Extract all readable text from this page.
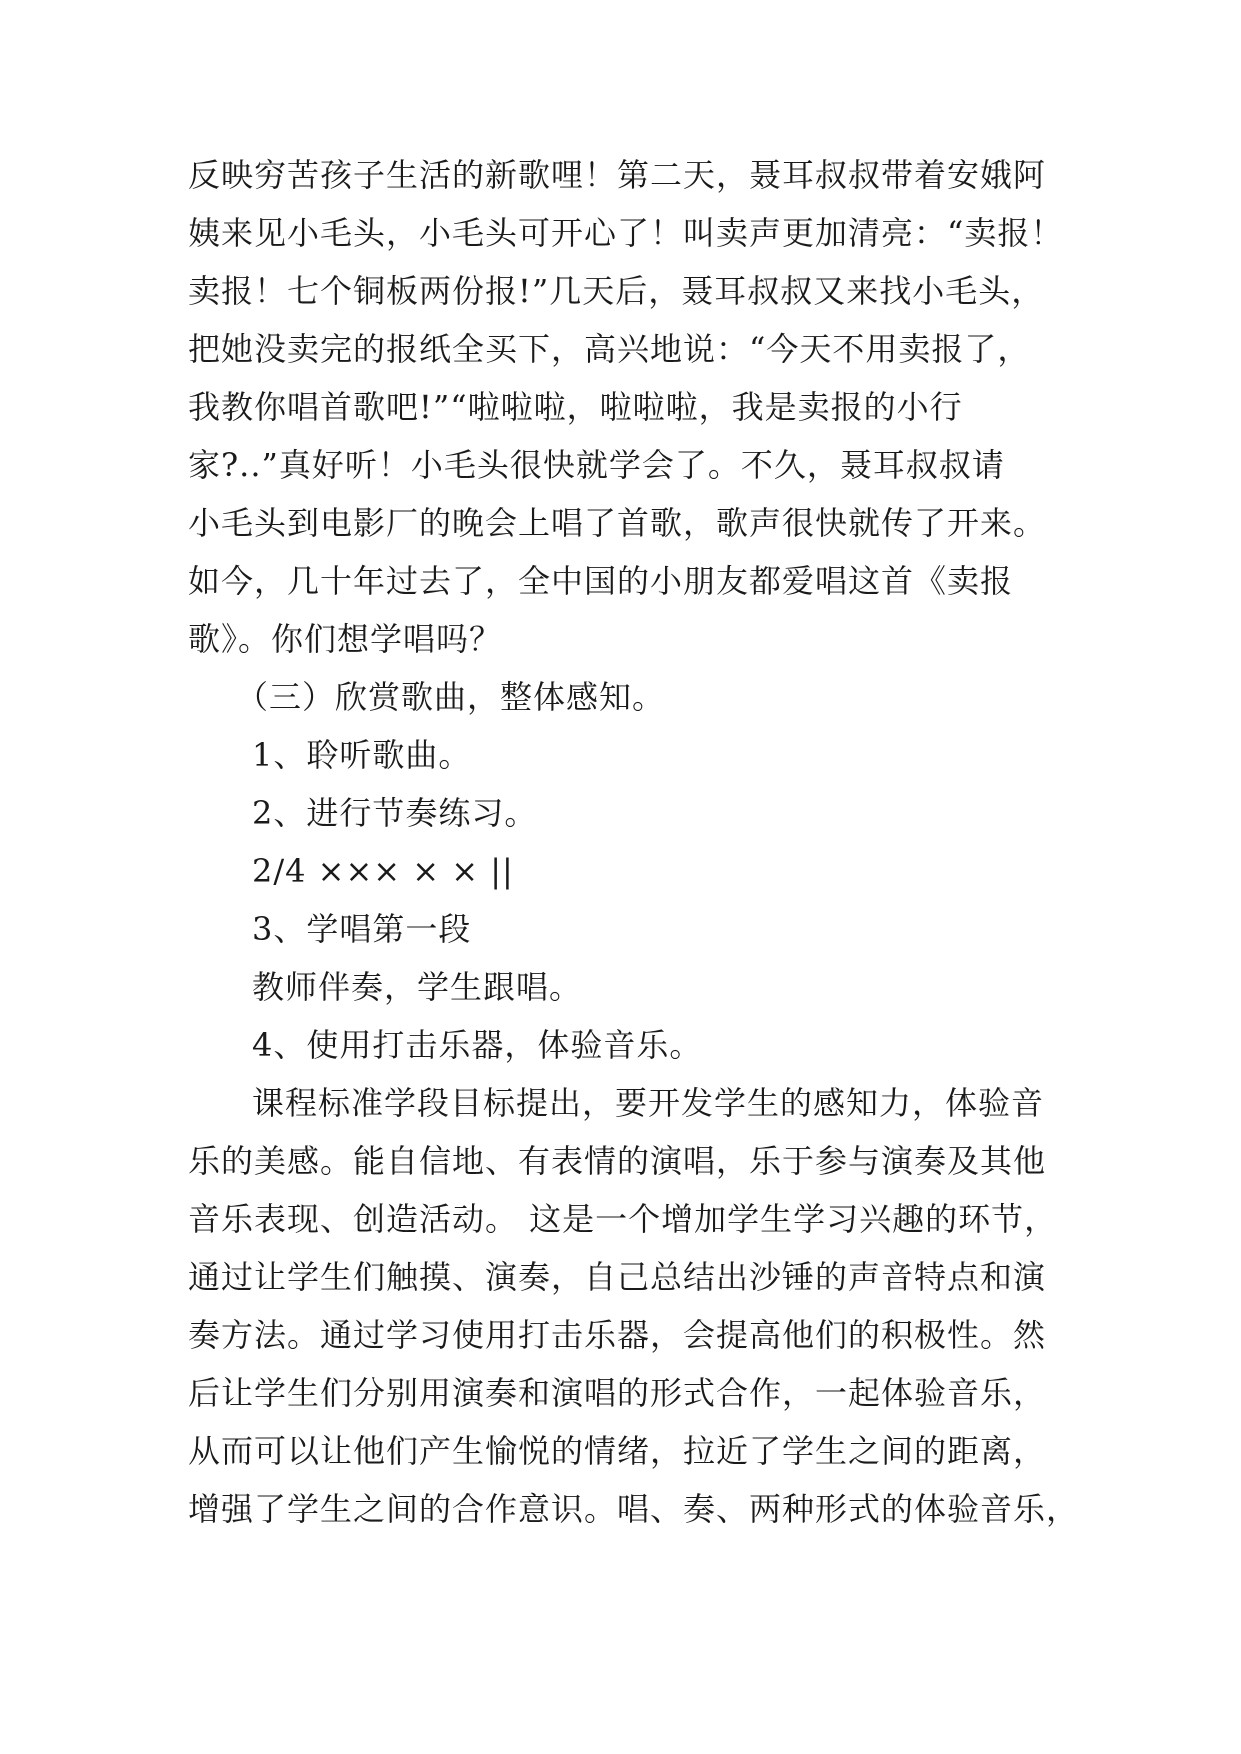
反映穷苦孩子生活的新歌哩！第二天，聂耳叔叔带着安娥阿
姨来见小毛头，小毛头可开心了！叫卖声更加清亮：“卖报！
卖报！七个铜板两份报!”几天后，聂耳叔叔又来找小毛头，
把她没卖完的报纸全买下，高兴地说：“今天不用卖报了，
我教你唱首歌吧!”“啦啦啦，啦啦啦，我是卖报的小行
家?..”真好听！小毛头很快就学会了。不久，聂耳叔叔请
小毛头到电影厂的晚会上唱了首歌，歌声很快就传了开来。
如今，几十年过去了，全中国的小朋友都爱唱这首《卖报
歌》。你们想学唱吗？
（三）欣赏歌曲，整体感知。
1、聆听歌曲。
2、进行节奏练习。
2/4 ××× × × ||
3、学唱第一段
教师伴奏，学生跟唱。
4、使用打击乐器，体验音乐。
课程标准学段目标提出，要开发学生的感知力，体验音
乐的美感。能自信地、有表情的演唱，乐于参与演奏及其他
音乐表现、创造活动。 这是一个增加学生学习兴趣的环节，
通过让学生们触摸、演奏，自己总结出沙锤的声音特点和演
奏方法。通过学习使用打击乐器，会提高他们的积极性。然
后让学生们分别用演奏和演唱的形式合作，一起体验音乐，
从而可以让他们产生愉悦的情绪，拉近了学生之间的距离，
增强了学生之间的合作意识。唱、奏、两种形式的体验音乐，
